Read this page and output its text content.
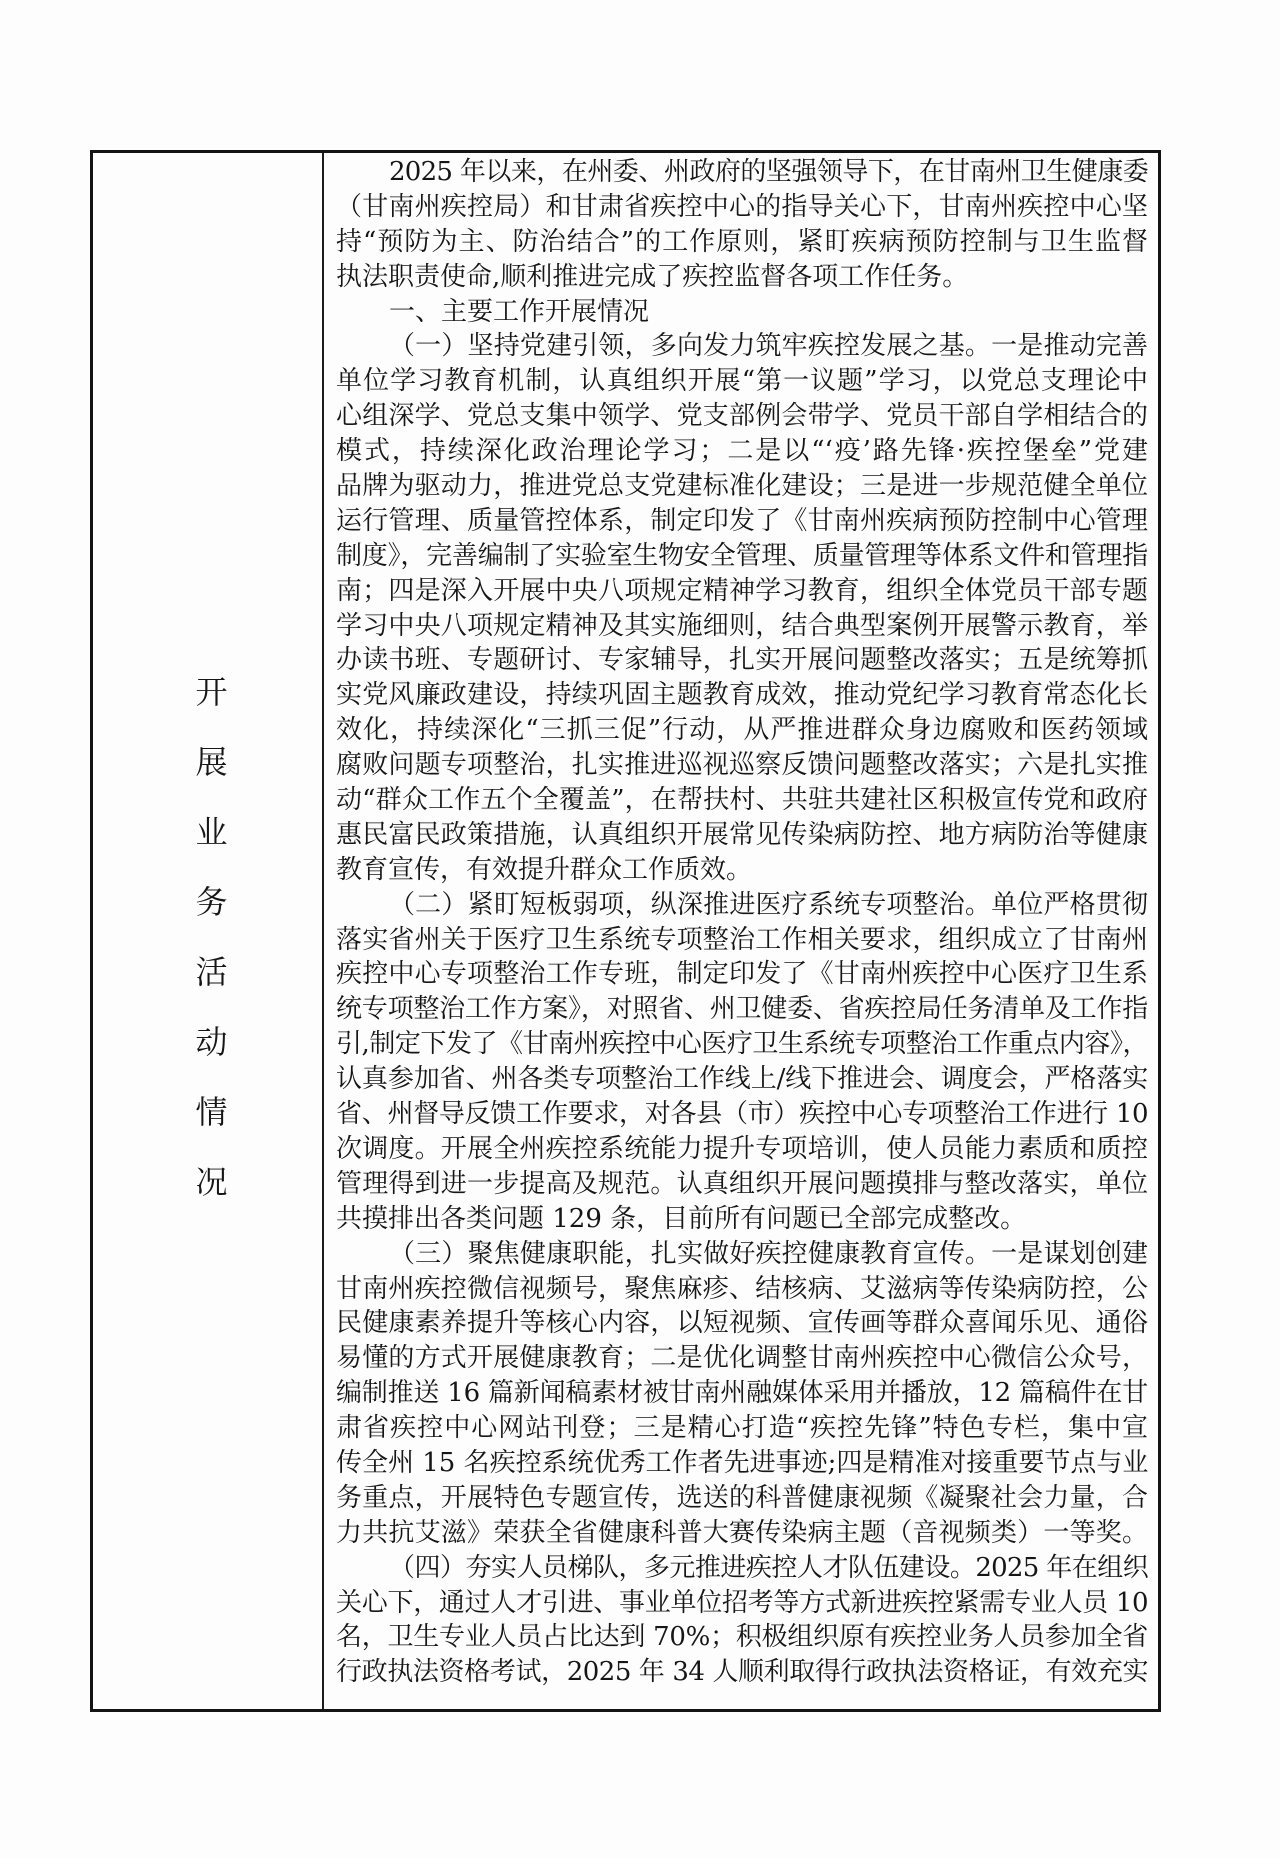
开展业务活动情况
2025 年以来，在州委、州政府的坚强领导下，在甘南州卫生健康委
（甘南州疾控局）和甘肃省疾控中心的指导关心下，甘南州疾控中心坚
持“预防为主、防治结合”的工作原则，紧盯疾病预防控制与卫生监督
执法职责使命,顺利推进完成了疾控监督各项工作任务。
一、主要工作开展情况
（一）坚持党建引领，多向发力筑牢疾控发展之基。一是推动完善
单位学习教育机制，认真组织开展“第一议题”学习，以党总支理论中
心组深学、党总支集中领学、党支部例会带学、党员干部自学相结合的
模式，持续深化政治理论学习；二是以“‘疫’路先锋·疾控堡垒”党建
品牌为驱动力，推进党总支党建标准化建设；三是进一步规范健全单位
运行管理、质量管控体系，制定印发了《甘南州疾病预防控制中心管理
制度》，完善编制了实验室生物安全管理、质量管理等体系文件和管理指
南；四是深入开展中央八项规定精神学习教育，组织全体党员干部专题
学习中央八项规定精神及其实施细则，结合典型案例开展警示教育，举
办读书班、专题研讨、专家辅导，扎实开展问题整改落实；五是统筹抓
实党风廉政建设，持续巩固主题教育成效，推动党纪学习教育常态化长
效化，持续深化“三抓三促”行动，从严推进群众身边腐败和医药领域
腐败问题专项整治，扎实推进巡视巡察反馈问题整改落实；六是扎实推
动“群众工作五个全覆盖”，在帮扶村、共驻共建社区积极宣传党和政府
惠民富民政策措施，认真组织开展常见传染病防控、地方病防治等健康
教育宣传，有效提升群众工作质效。
（二）紧盯短板弱项，纵深推进医疗系统专项整治。单位严格贯彻
落实省州关于医疗卫生系统专项整治工作相关要求，组织成立了甘南州
疾控中心专项整治工作专班，制定印发了《甘南州疾控中心医疗卫生系
统专项整治工作方案》，对照省、州卫健委、省疾控局任务清单及工作指
引,制定下发了《甘南州疾控中心医疗卫生系统专项整治工作重点内容》，
认真参加省、州各类专项整治工作线上/线下推进会、调度会，严格落实
省、州督导反馈工作要求，对各县（市）疾控中心专项整治工作进行 10
次调度。开展全州疾控系统能力提升专项培训，使人员能力素质和质控
管理得到进一步提高及规范。认真组织开展问题摸排与整改落实，单位
共摸排出各类问题 129 条，目前所有问题已全部完成整改。
（三）聚焦健康职能，扎实做好疾控健康教育宣传。一是谋划创建
甘南州疾控微信视频号，聚焦麻疹、结核病、艾滋病等传染病防控，公
民健康素养提升等核心内容，以短视频、宣传画等群众喜闻乐见、通俗
易懂的方式开展健康教育；二是优化调整甘南州疾控中心微信公众号，
编制推送 16 篇新闻稿素材被甘南州融媒体采用并播放，12 篇稿件在甘
肃省疾控中心网站刊登；三是精心打造“疾控先锋”特色专栏，集中宣
传全州 15 名疾控系统优秀工作者先进事迹;四是精准对接重要节点与业
务重点，开展特色专题宣传，选送的科普健康视频《凝聚社会力量，合
力共抗艾滋》荣获全省健康科普大赛传染病主题（音视频类）一等奖。
（四）夯实人员梯队，多元推进疾控人才队伍建设。2025 年在组织
关心下，通过人才引进、事业单位招考等方式新进疾控紧需专业人员 10
名，卫生专业人员占比达到 70%；积极组织原有疾控业务人员参加全省
行政执法资格考试，2025 年 34 人顺利取得行政执法资格证，有效充实
